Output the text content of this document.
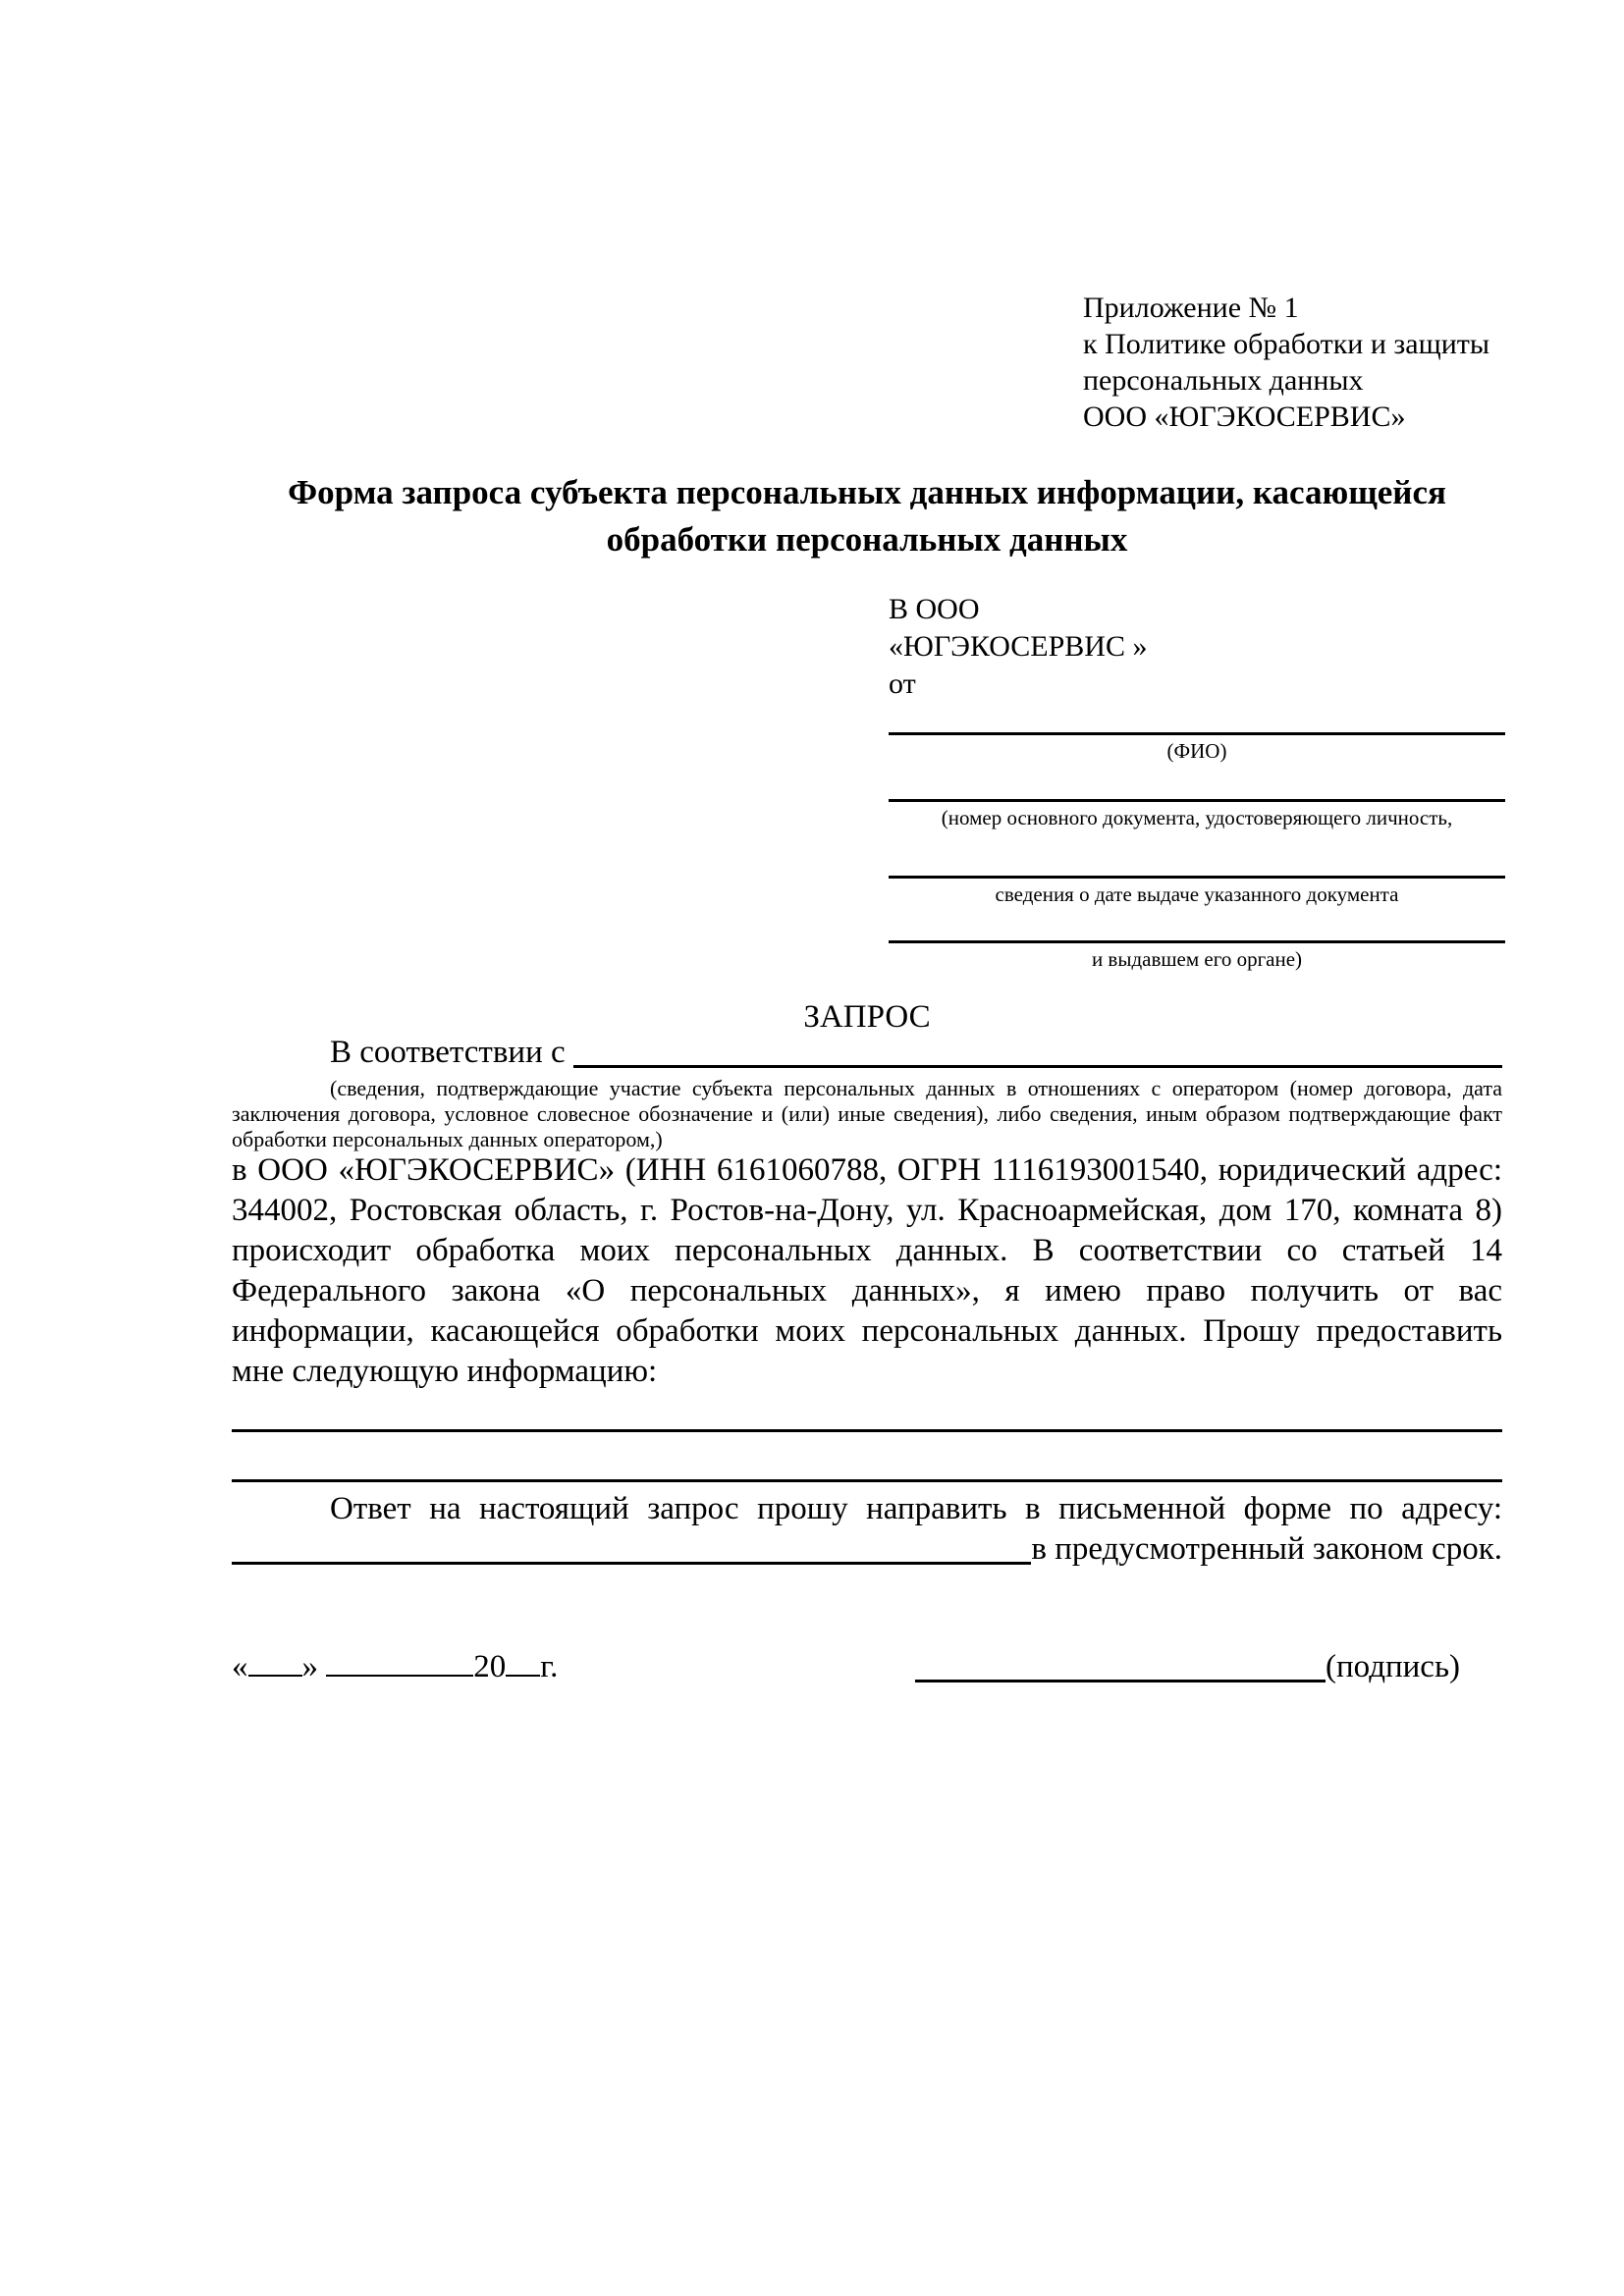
Приложение № 1
к Политике обработки и защиты
персональных данных
ООО «ЮГЭКОСЕРВИС»
Форма запроса субъекта персональных данных информации, касающейся обработки персональных данных
В ООО
«ЮГЭКОСЕРВИС »
от
(ФИО)
(номер основного документа, удостоверяющего личность,
сведения о дате выдаче указанного документа
и выдавшем его органе)
ЗАПРОС
В соответствии с
(сведения, подтверждающие участие субъекта персональных данных в отношениях с оператором (номер договора, дата заключения договора, условное словесное обозначение и (или) иные сведения), либо сведения, иным образом подтверждающие факт обработки персональных данных оператором,)
в ООО «ЮГЭКОСЕРВИС» (ИНН 6161060788, ОГРН 1116193001540, юридический адрес: 344002, Ростовская область, г. Ростов-на-Дону, ул. Красноармейская, дом 170, комната 8) происходит обработка моих персональных данных. В соответствии со статьей 14 Федерального закона «О персональных данных», я имею право получить от вас информации, касающейся обработки моих персональных данных. Прошу предоставить мне следующую информацию:
Ответ на настоящий запрос прошу направить в письменной форме по адресу:
в предусмотренный законом срок.
« »	20 г.	(подпись)
